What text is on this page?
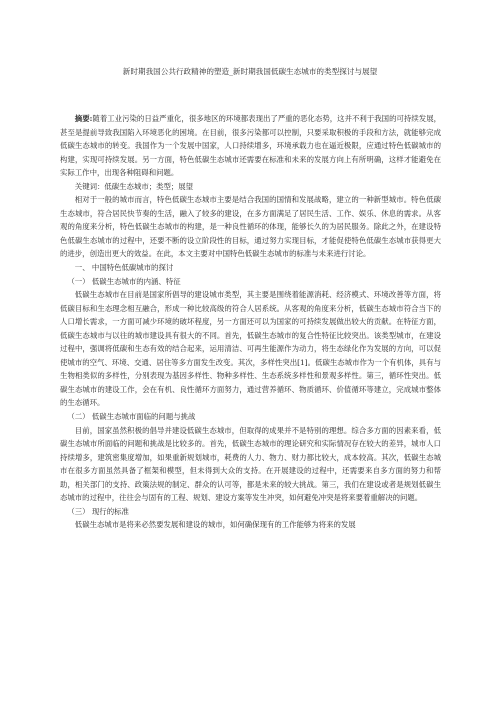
新时期我国公共行政精神的塑造_新时期我国低碳生态城市的类型探讨与展望

摘要:随着工业污染的日益严重化，很多地区的环境都表现出了严重的恶化态势，这并不利于我国的可持续发展，甚至是提前导致我国陷入环境恶化的困境。在目前，很多污染都可以控制，只要采取积极的手段和方法，就能够完成低碳生态城市的转变。我国作为一个发展中国家，人口持续增多，环境承载力也在逼近极限，应通过特色低碳城市的构建，实现可持续发展。另一方面，特色低碳生态城市还需要在标准和未来的发展方向上有所明确，这样才能避免在实际工作中，出现各种阻碍和问题。

关键词：低碳生态城市；类型；展望

相对于一般的城市而言，特色低碳生态城市主要是结合我国的国情和发展战略，建立的一种新型城市。特色低碳生态城市，符合居民快节奏的生活，融入了较多的建设，在多方面满足了居民生活、工作、娱乐、休息的需求。从客观的角度来分析，特色低碳生态城市的构建，是一种良性循环的体现，能够长久的为居民服务。除此之外，在建设特色低碳生态城市的过程中，还要不断的设立阶段性的目标，通过努力实现目标，才能促使特色低碳生态城市获得更大的进步，创造出更大的效益。在此，本文主要对中国特色低碳生态城市的标准与未来进行讨论。

一、 中国特色低碳城市的探讨

（一） 低碳生态城市的内涵、特征

低碳生态城市在目前是国家所倡导的建设城市类型，其主要是围绕着能源消耗、经济模式、环境改善等方面，将低碳目标和生态理念相互融合，形成一种比较高级的符合人居系统。从客观的角度来分析，低碳生态城市符合当下的人口增长需求，一方面可减少环境的破坏程度，另一方面还可以为国家的可持续发展做出较大的贡献。在特征方面，低碳生态城市与以往的城市建设具有很大的不同。首先，低碳生态城市的复合性特征比较突出。该类型城市，在建设过程中，强调将低碳和生态有效的结合起来，运用清洁、可再生能源作为动力，将生态绿化作为发展的方向，可以促使城市的空气、环境、交通、居住等多方面发生改变。其次，多样性突出[1]。低碳生态城市作为一个有机体，具有与生物相类似的多样性，分别表现为基因多样性、物种多样性、生态系统多样性和景观多样性。第三，循环性突出。低碳生态城市的建设工作，会在有机、良性循环方面努力，通过营养循环、物质循环、价值循环等建立，完成城市整体的生态循环。

（二） 低碳生态城市面临的问题与挑战

目前，国家虽然积极的倡导并建设低碳生态城市，但取得的成果并不是特别的理想。综合多方面的因素来看，低碳生态城市所面临的问题和挑战是比较多的。首先，低碳生态城市的理论研究和实际情况存在较大的差异，城市人口持续增多，建筑密集度增加，如果重新规划城市，耗费的人力、物力、财力都比较大，成本较高。其次，低碳生态城市在很多方面虽然具备了框架和模型，但未得到大众的支持。在开展建设的过程中，还需要来自多方面的努力和帮助，相关部门的支持、政策法规的制定、群众的认可等，都是未来的较大挑战。第三，我们在建设或者是规划低碳生态城市的过程中，往往会与固有的工程、规划、建设方案等发生冲突，如何避免冲突是将来要着重解决的问题。

（三） 现行的标准

低碳生态城市是将来必然要发展和建设的城市，如何确保现有的工作能够为将来的发展
